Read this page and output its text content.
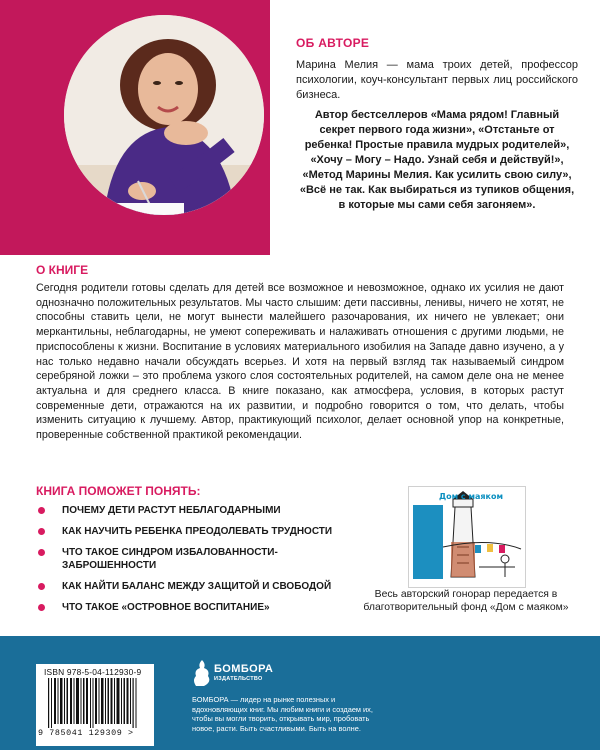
ОБ АВТОРЕ

Марина Мелия — мама троих детей, профессор психологии, коуч-консультант первых лиц российского бизнеса.

Автор бестселлеров «Мама рядом! Главный секрет первого года жизни», «Отстаньте от ребенка! Простые правила мудрых родителей», «Хочу – Могу – Надо. Узнай себя и действуй!», «Метод Марины Мелия. Как усилить свою силу», «Всё не так. Как выбираться из тупиков общения, в которые мы сами себя загоняем».

О КНИГЕ

Сегодня родители готовы сделать для детей все возможное и невозможное, однако их усилия не дают однозначно положительных результатов. Мы часто слышим: дети пассивны, ленивы, ничего не хотят, не способны ставить цели, не могут вынести малейшего разочарования, их ничего не увлекает; они меркантильны, неблагодарны, не умеют сопереживать и налаживать отношения с другими людьми, не приспособлены к жизни. Воспитание в условиях материального изобилия на Западе давно изучено, а у нас только недавно начали обсуждать всерьез. И хотя на первый взгляд так называемый синдром серебряной ложки – это проблема узкого слоя состоятельных родителей, на самом деле она не менее актуальна и для среднего класса. В книге показано, как атмосфера, условия, в которых растут современные дети, отражаются на их развитии, и подробно говорится о том, что делать, чтобы изменить ситуацию к лучшему. Автор, практикующий психолог, делает основной упор на конкретные, проверенные собственной практикой рекомендации.

КНИГА ПОМОЖЕТ ПОНЯТЬ:
ПОЧЕМУ ДЕТИ РАСТУТ НЕБЛАГОДАРНЫМИ
КАК НАУЧИТЬ РЕБЕНКА ПРЕОДОЛЕВАТЬ ТРУДНОСТИ
ЧТО ТАКОЕ СИНДРОМ ИЗБАЛОВАННОСТИ-ЗАБРОШЕННОСТИ
КАК НАЙТИ БАЛАНС МЕЖДУ ЗАЩИТОЙ И СВОБОДОЙ
ЧТО ТАКОЕ «ОСТРОВНОЕ ВОСПИТАНИЕ»
Дом с маяком

Весь авторский гонорар передается в благотворительный фонд «Дом с маяком»

ISBN 978-5-04-112930-9
9 785041 129309 >
БОМБОРА
ИЗДАТЕЛЬСТВО

БОМБОРА — лидер на рынке полезных и вдохновляющих книг. Мы любим книги и создаем их, чтобы вы могли творить, открывать мир, пробовать новое, расти. Быть счастливыми. Быть на волне.
